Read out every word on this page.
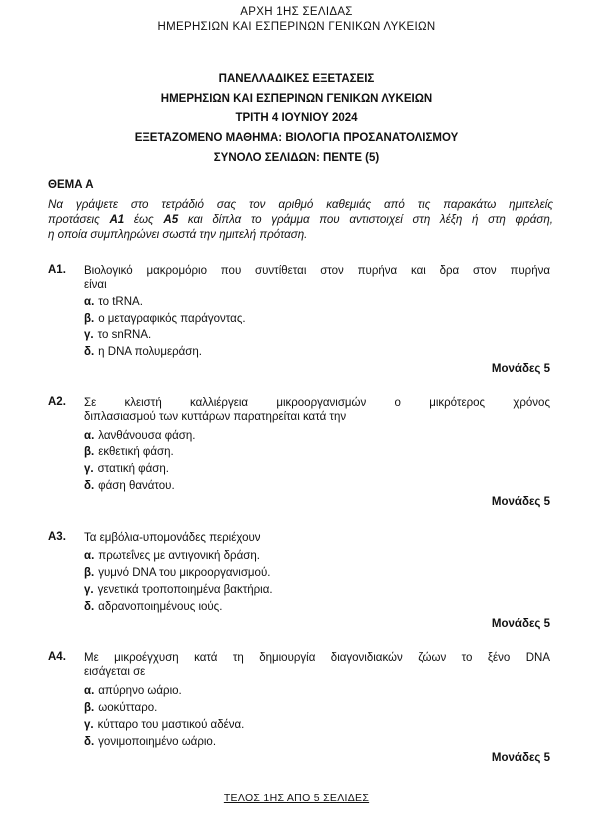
ΑΡΧΗ 1ΗΣ ΣΕΛΙΔΑΣ
ΗΜΕΡΗΣΙΩΝ ΚΑΙ ΕΣΠΕΡΙΝΩΝ ΓΕΝΙΚΩΝ ΛΥΚΕΙΩΝ
ΠΑΝΕΛΛΑΔΙΚΕΣ ΕΞΕΤΑΣΕΙΣ
ΗΜΕΡΗΣΙΩΝ ΚΑΙ ΕΣΠΕΡΙΝΩΝ ΓΕΝΙΚΩΝ ΛΥΚΕΙΩΝ
ΤΡΙΤΗ 4 ΙΟΥΝΙΟΥ 2024
ΕΞΕΤΑΖΟΜΕΝΟ ΜΑΘΗΜΑ: ΒΙΟΛΟΓΙΑ ΠΡΟΣΑΝΑΤΟΛΙΣΜΟΥ
ΣΥΝΟΛΟ ΣΕΛΙΔΩΝ: ΠΕΝΤΕ (5)
ΘΕΜΑ Α
Να γράψετε στο τετράδιό σας τον αριθμό καθεμιάς από τις παρακάτω ημιτελείς
προτάσεις Α1 έως Α5 και δίπλα το γράμμα που αντιστοιχεί στη λέξη ή στη φράση,
η οποία συμπληρώνει σωστά την ημιτελή πρόταση.
Α1. Βιολογικό μακρομόριο που συντίθεται στον πυρήνα και δρα στον πυρήνα
είναι
α. το tRNA.
β. ο μεταγραφικός παράγοντας.
γ. το snRNA.
δ. η DNA πολυμεράση.
Μονάδες 5
Α2. Σε κλειστή καλλιέργεια μικροοργανισμών ο μικρότερος χρόνος
διπλασιασμού των κυττάρων παρατηρείται κατά την
α. λανθάνουσα φάση.
β. εκθετική φάση.
γ. στατική φάση.
δ. φάση θανάτου.
Μονάδες 5
Α3. Τα εμβόλια-υπομονάδες περιέχουν
α. πρωτεΐνες με αντιγονική δράση.
β. γυμνό DNA του μικροοργανισμού.
γ. γενετικά τροποποιημένα βακτήρια.
δ. αδρανοποιημένους ιούς.
Μονάδες 5
Α4. Με μικροέγχυση κατά τη δημιουργία διαγονιδιακών ζώων το ξένο DNA
εισάγεται σε
α. απύρηνο ωάριο.
β. ωοκύτταρο.
γ. κύτταρο του μαστικού αδένα.
δ. γονιμοποιημένο ωάριο.
Μονάδες 5
ΤΕΛΟΣ 1ΗΣ ΑΠΟ 5 ΣΕΛΙΔΕΣ
